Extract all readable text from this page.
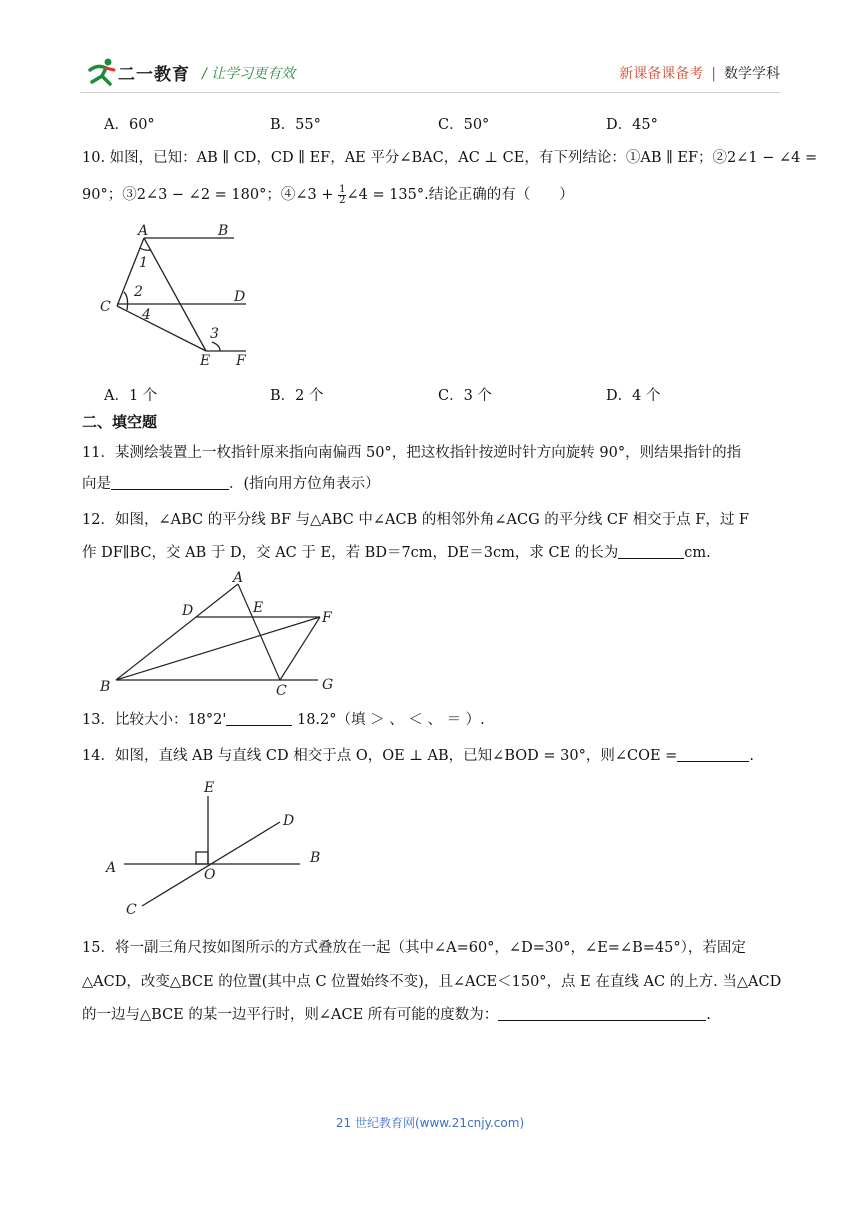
二一教育 / 让学习更有效	新课备课备考 | 数学学科
A．60°	B．55°	C．50°	D．45°
10. 如图，已知：AB ∥ CD，CD ∥ EF，AE 平分∠BAC，AC ⊥ CE，有下列结论：①AB ∥ EF；②2∠1 − ∠4 =
90°；③2∠3 − ∠2 = 180°；④∠3 + $\frac{1}{2}$ ∠4 = 135°.结论正确的有（　　）
A	B
C
D
E F
1
2
3
4
A．1 个	B．2 个	C．3 个	D．4 个
二、填空题
11．某测绘装置上一枚指针原来指向南偏西 50°，把这枚指针按逆时针方向旋转 90°，则结果指针的指
向是	．(指向用方位角表示）
12．如图，∠ABC 的平分线 BF 与△ABC 中∠ACB 的相邻外角∠ACG 的平分线 CF 相交于点 F，过 F
作 DF∥BC，交 AB 于 D，交 AC 于 E，若 BD＝7cm，DE＝3cm，求 CE 的长为	cm.
A
B	C
D	E
F
G
13．比较大小：18°2'	18.2°（填 ＞ 、 ＜ 、 ＝ ）.
14．如图，直线 AB 与直线 CD 相交于点 O，OE ⊥ AB，已知∠BOD = 30°，则∠COE =	.
E
D
A
B
O
C
15．将一副三角尺按如图所示的方式叠放在一起（其中∠A=60°，∠D=30°，∠E=∠B=45°），若固定
△ACD，改变△BCE 的位置(其中点 C 位置始终不变)，且∠ACE＜150°，点 E 在直线 AC 的上方. 当△ACD
的一边与△BCE 的某一边平行时，则∠ACE 所有可能的度数为：	.
21 世纪教育网(www.21cnjy.com)
